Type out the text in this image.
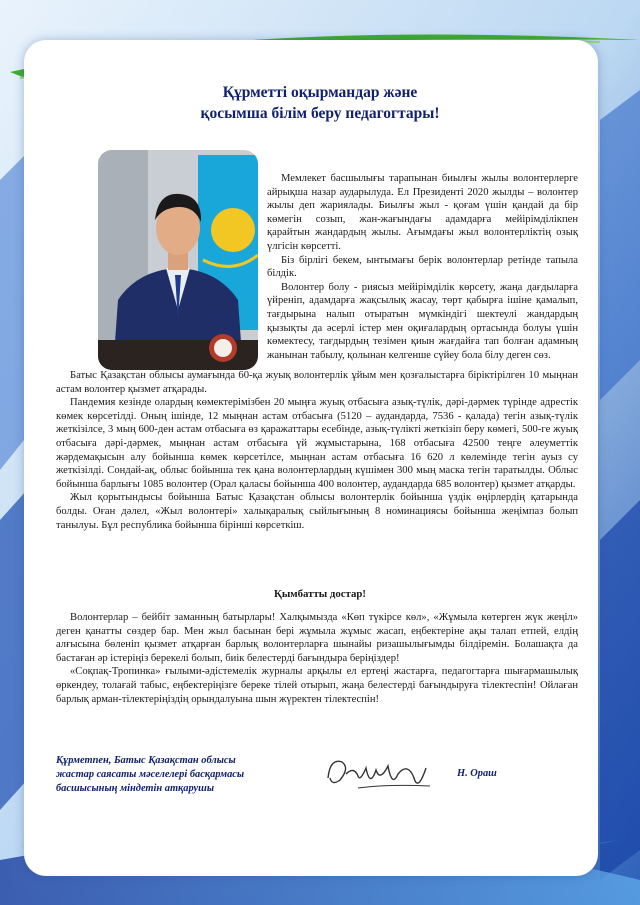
Құрметті оқырмандар және
қосымша білім беру педагогтары!

Мемлекет басшылығы тарапынан биылғы жылы волонтерлерге айрықша назар аударылуда. Ел Президенті 2020 жылды – волонтер жылы деп жариялады. Биылғы жыл - қоғам үшін қандай да бір көмегін созып, жан-жағындағы адамдарға мейірімділікпен қарайтын жандардың жылы. Ағымдағы жыл волонтерліктің озық үлгісін көрсетті.

Біз бірлігі бекем, ынтымағы берік волонтерлар ретінде тапыла білдік.

Волонтер болу - риясыз мейірімділік көрсету, жаңа дағдыларға үйреніп, адамдарға жақсылық жасау, төрт қабырға ішіне қамалып, тағдырына налып отыратын мүмкіндігі шектеулі жандардың қызықты да әсерлі істер мен оқиғалардың ортасында болуы үшін көмектесу, тағдырдың тезімен қиын жағдайға тап болған адамның жанынан табылу, қолынан келгенше сүйеу бола білу деген сөз.

Батыс Қазақстан облысы аумағында 60-қа жуық волонтерлік ұйым мен қозғалыстарға біріктірілген 10 мыңнан астам волонтер қызмет атқарады.

Пандемия кезінде олардың көмектерімізбен 20 мыңға жуық отбасыға азық-түлік, дәрі-дәрмек түрінде адрестік көмек көрсетілді. Оның ішінде, 12 мыңнан астам отбасыға (5120 – аудандарда, 7536 - қалада) тегін азық-түлік жеткізілсе, 3 мың 600-ден астам отбасыға өз қаражаттары есебінде, азық-түлікті жеткізіп беру көмегі, 500-ге жуық отбасыға дәрі-дәрмек, мыңнан астам отбасыға үй жұмыстарына, 168 отбасыға 42500 теңге әлеуметтік жәрдемақысын алу бойынша көмек көрсетілсе, мыңнан астам отбасыға 16 620 л көлемінде тегін ауыз су жеткізілді. Сондай-ақ, облыс бойынша тек қана волонтерлардың күшімен 300 мың маска тегін таратылды. Облыс бойынша барлығы 1085 волонтер (Орал қаласы бойынша 400 волонтер, аудандарда 685 волонтер) қызмет атқарды.

Жыл қорытындысы бойынша Батыс Қазақстан облысы волонтерлік бойынша үздік өңірлердің қатарында болды. Оған дәлел, «Жыл волонтері» халықаралық сыйлығының 8 номинациясы бойынша жеңімпаз болып танылуы. Бұл республика бойынша бірінші көрсеткіш.

Қымбатты достар!

Волонтерлар – бейбіт заманның батырлары! Халқымызда «Көп түкірсе көл», «Жұмыла көтерген жүк жеңіл» деген қанатты сөздер бар. Мен жыл басынан бері жұмыла жұмыс жасап, еңбектеріне ақы талап етпей, елдің алғысына бөленіп қызмет атқарған барлық волонтерларға шынайы ризашылығымды білдіремін. Болашақта да бастаған әр істеріңіз берекелі болып, биік белестерді бағындыра беріңіздер!

«Соқпақ-Тропинка» ғылыми-әдістемелік журналы арқылы ел ертеңі жастарға, педагогтарға шығармашылық өркендеу, толағай табыс, еңбектеріңізге береке тілей отырып, жаңа белестерді бағындыруға тілектеспін! Ойлаған барлық арман-тілектеріңіздің орындалуына шын жүректен тілектеспін!

Құрметпен, Батыс Қазақстан облысы
жастар саясаты мәселелері басқармасы
басшысының міндетін атқарушы
Н. Ораш
